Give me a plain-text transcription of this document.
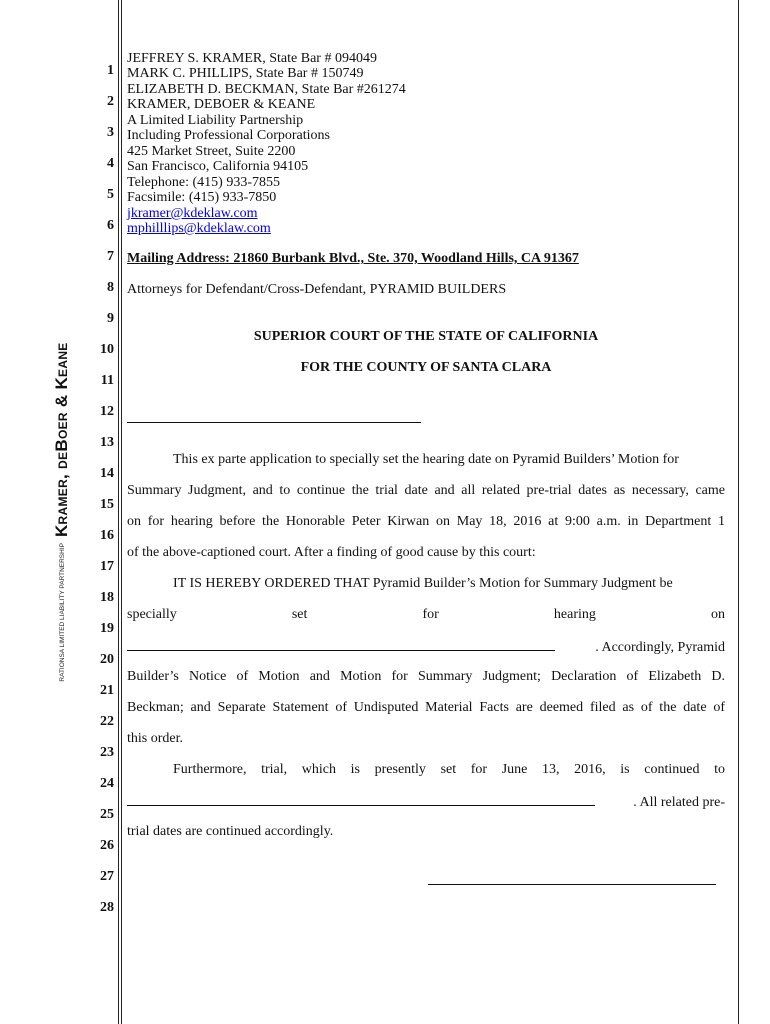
RATIONSA LIMITED LIABILITY PARTNERSHIP
Kramer, deBoer & Keane
1
2
3
4
5
6
7
8
9
10
11
12
13
14
15
16
17
18
19
20
21
22
23
24
25
26
27
28
JEFFREY S. KRAMER, State Bar # 094049
MARK C. PHILLIPS, State Bar # 150749
ELIZABETH D. BECKMAN, State Bar #261274
KRAMER, DEBOER & KEANE
A Limited Liability Partnership
Including Professional Corporations
425 Market Street, Suite 2200
San Francisco, California 94105
Telephone: (415) 933-7855
Facsimile: (415) 933-7850
jkramer@kdeklaw.com
mphilllips@kdeklaw.com
Mailing Address: 21860 Burbank Blvd., Ste. 370, Woodland Hills, CA 91367
Attorneys for Defendant/Cross-Defendant, PYRAMID BUILDERS
SUPERIOR COURT OF THE STATE OF CALIFORNIA
FOR THE COUNTY OF SANTA CLARA
This ex parte application to specially set the hearing date on Pyramid Builders’ Motion for
Summary Judgment, and to continue the trial date and all related pre-trial dates as necessary, came
on for hearing before the Honorable Peter Kirwan on May 18, 2016 at 9:00 a.m. in Department 1
of the above-captioned court. After a finding of good cause by this court:
IT IS HEREBY ORDERED THAT Pyramid Builder’s Motion for Summary Judgment be
specially	set	for	hearing	on
. Accordingly, Pyramid
Builder’s Notice of Motion and Motion for Summary Judgment; Declaration of Elizabeth D.
Beckman; and Separate Statement of Undisputed Material Facts are deemed filed as of the date of
this order.
Furthermore, trial, which is presently set for June 13, 2016, is continued to
. All related pre-
trial dates are continued accordingly.
